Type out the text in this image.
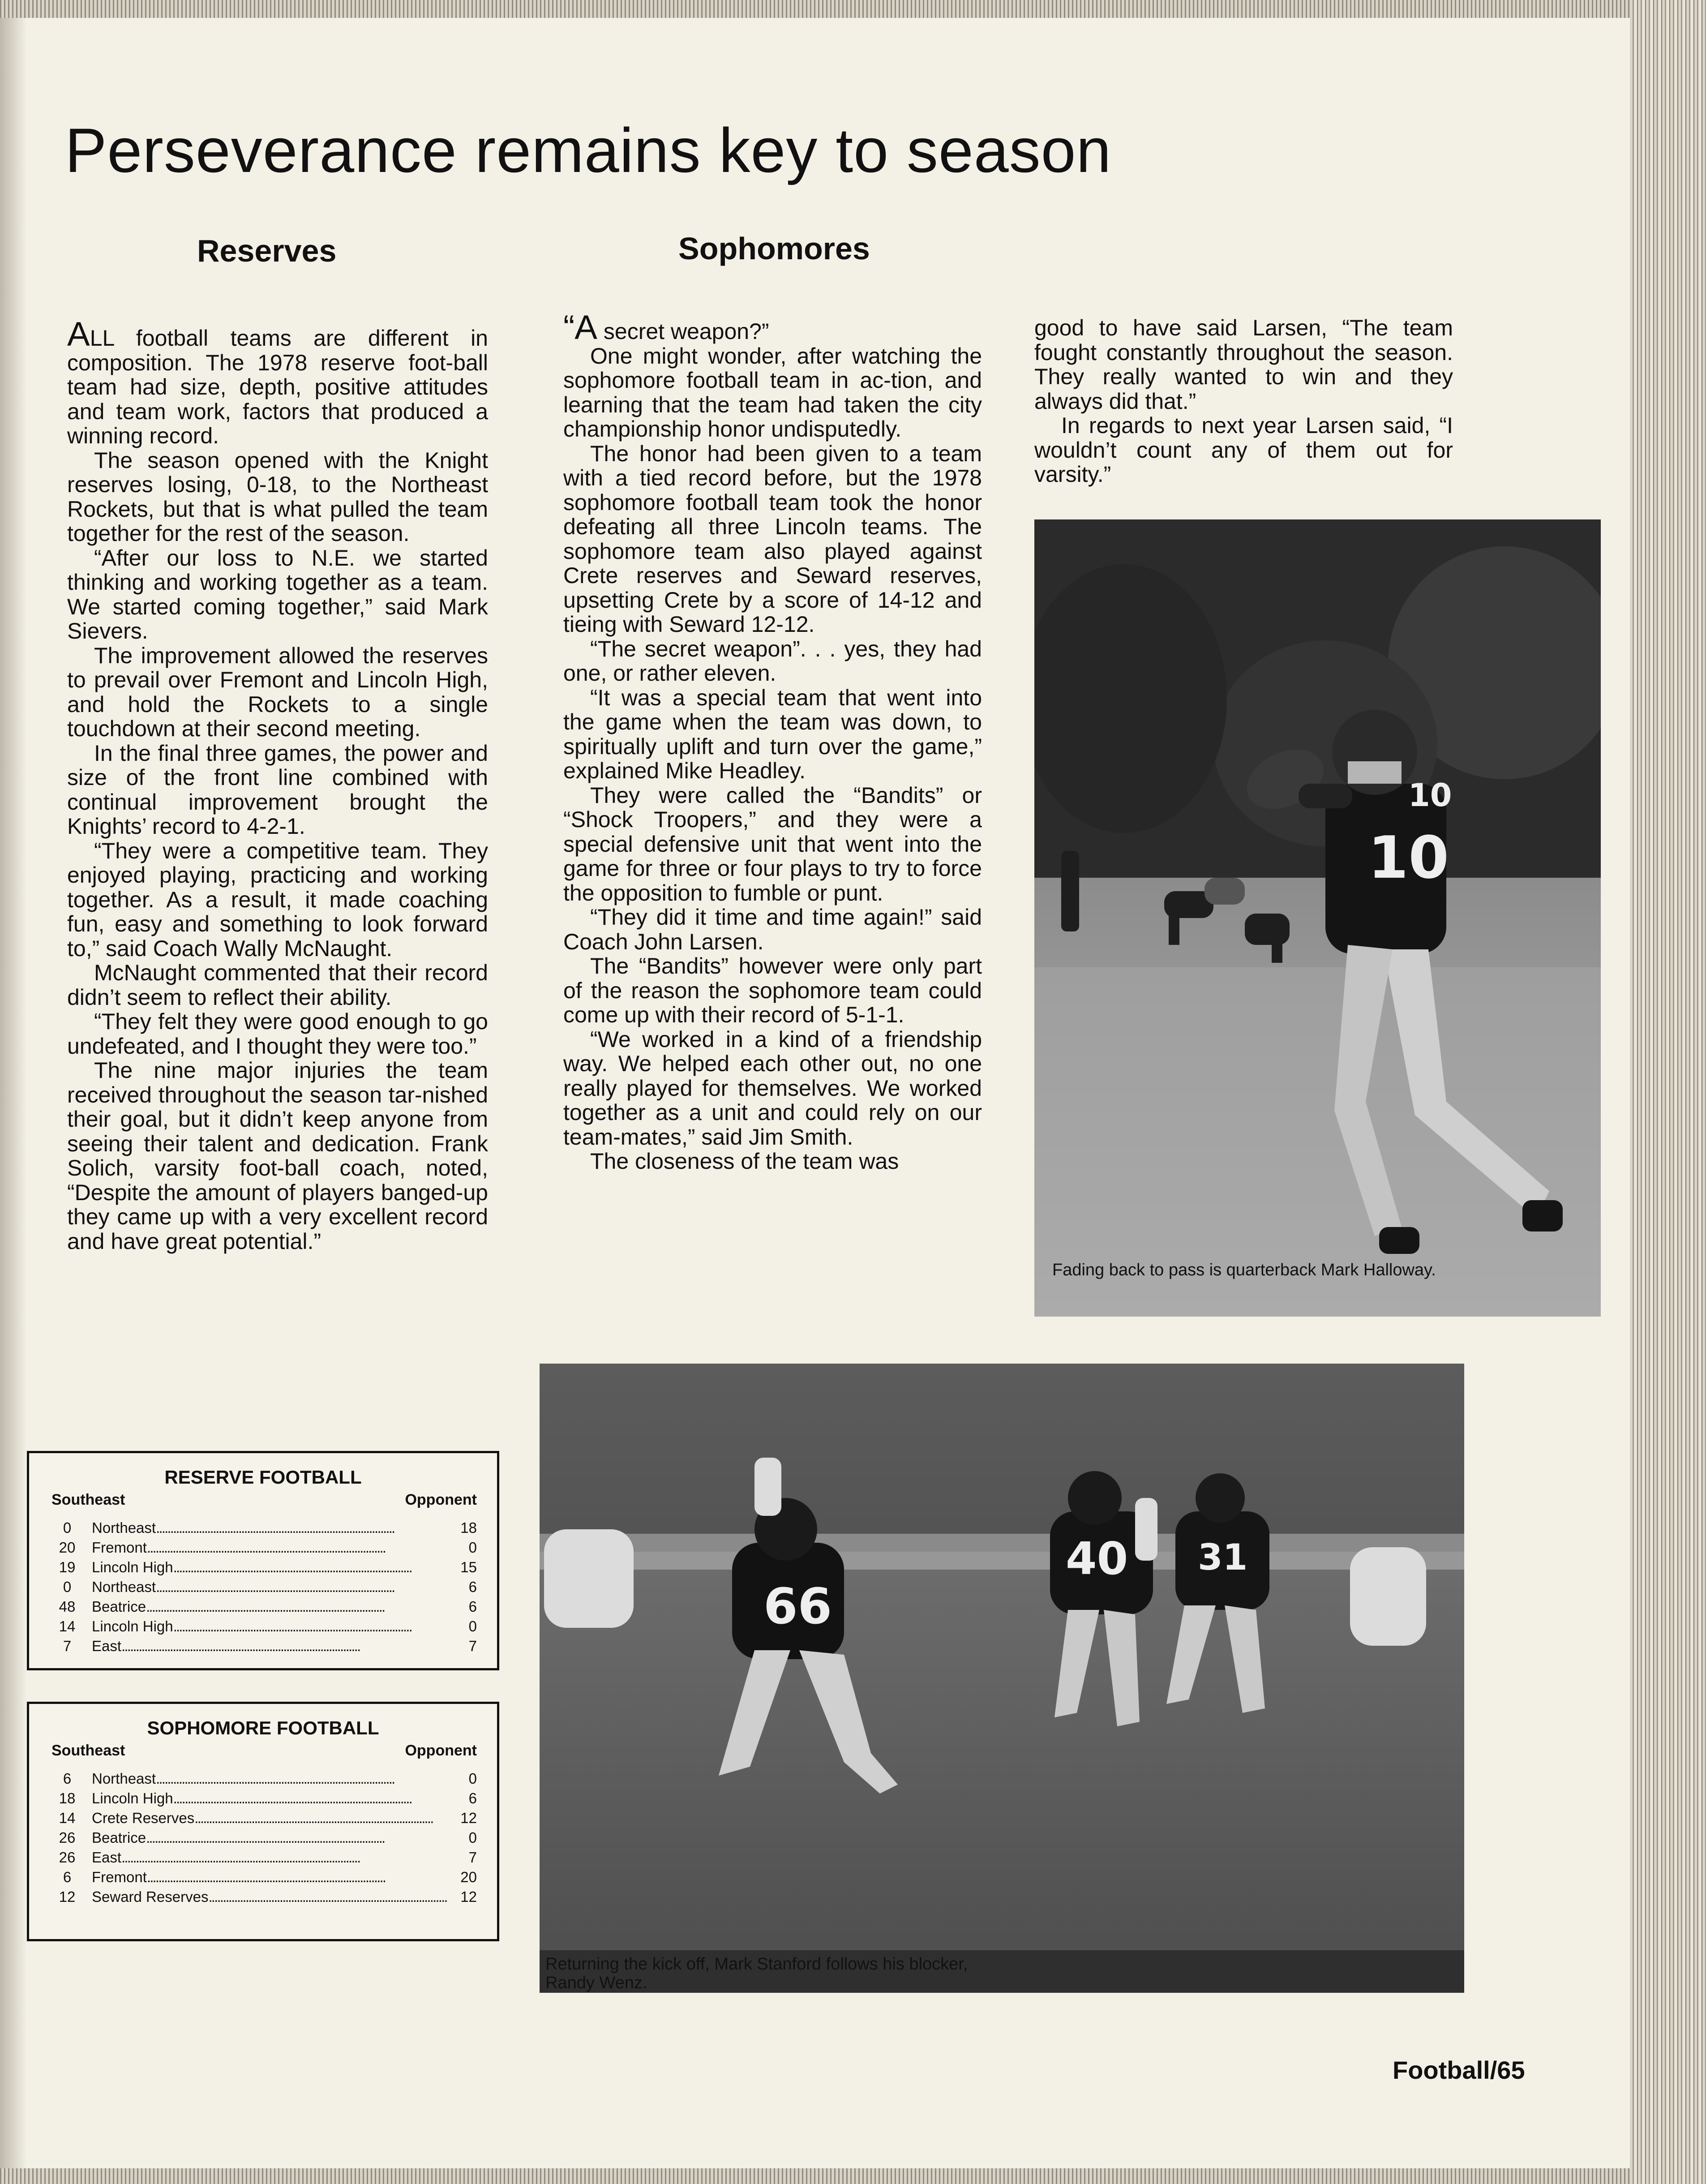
Perseverance remains key to season
Reserves	Sophomores

ALL football teams are different in composition. The 1978 reserve foot-ball team had size, depth, positive attitudes and team work, factors that produced a winning record.

The season opened with the Knight reserves losing, 0-18, to the Northeast Rockets, but that is what pulled the team together for the rest of the season.

“After our loss to N.E. we started thinking and working together as a team. We started coming together,” said Mark Sievers.

The improvement allowed the reserves to prevail over Fremont and Lincoln High, and hold the Rockets to a single touchdown at their second meeting.

In the final three games, the power and size of the front line combined with continual improvement brought the Knights’ record to 4-2-1.

“They were a competitive team. They enjoyed playing, practicing and working together. As a result, it made coaching fun, easy and something to look forward to,” said Coach Wally McNaught.

McNaught commented that their record didn’t seem to reflect their ability.

“They felt they were good enough to go undefeated, and I thought they were too.”

The nine major injuries the team received throughout the season tar-nished their goal, but it didn’t keep anyone from seeing their talent and dedication. Frank Solich, varsity foot-ball coach, noted, “Despite the amount of players banged-up they came up with a very excellent record and have great potential.”

“A secret weapon?”

One might wonder, after watching the sophomore football team in ac-tion, and learning that the team had taken the city championship honor undisputedly.

The honor had been given to a team with a tied record before, but the 1978 sophomore football team took the honor defeating all three Lincoln teams. The sophomore team also played against Crete reserves and Seward reserves, upsetting Crete by a score of 14-12 and tieing with Seward 12-12.

“The secret weapon”. . . yes, they had one, or rather eleven.

“It was a special team that went into the game when the team was down, to spiritually uplift and turn over the game,” explained Mike Headley.

They were called the “Bandits” or “Shock Troopers,” and they were a special defensive unit that went into the game for three or four plays to try to force the opposition to fumble or punt.

“They did it time and time again!” said Coach John Larsen.

The “Bandits” however were only part of the reason the sophomore team could come up with their record of 5-1-1.

“We worked in a kind of a friendship way. We helped each other out, no one really played for themselves. We worked together as a unit and could rely on our team-mates,” said Jim Smith.

The closeness of the team was

good to have said Larsen, “The team fought constantly throughout the season. They really wanted to win and they always did that.”

In regards to next year Larsen said, “I wouldn’t count any of them out for varsity.”

10
10
Fading back to pass is quarterback Mark Halloway.
66
40 31
Returning the kick off, Mark Stanford follows his blocker, Randy Wenz.
RESERVE FOOTBALL
Southeast	Opponent
0	Northeast . . .	18
20	Fremont . . .	0
19	Lincoln High . . .	15
0	Northeast . . .	6
48	Beatrice . . .	6
14	Lincoln High . . .	0
7	East . . .	7
SOPHOMORE FOOTBALL
Southeast	Opponent
6	Northeast . . .	0
18	Lincoln High . . .	6
14	Crete Reserves . . .	12
26	Beatrice . . .	0
26	East . . .	7
6	Fremont . . .	20
12	Seward Reserves . . .	12
Football/65
